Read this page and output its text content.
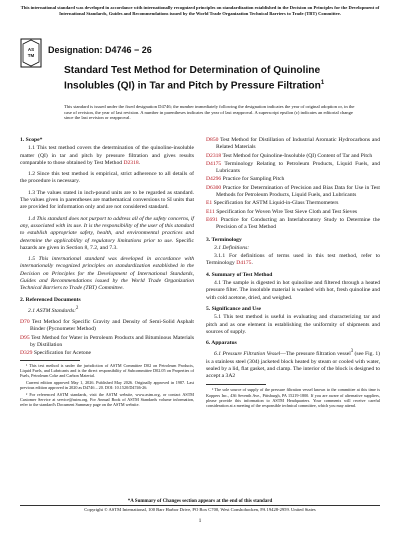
This international standard was developed in accordance with internationally recognized principles on standardization established in the Decision on Principles for the Development of International Standards, Guides and Recommendations issued by the World Trade Organization Technical Barriers to Trade (TBT) Committee.
AS
TM
Designation: D4746 − 26
Standard Test Method for Determination of Quinoline Insolubles (QI) in Tar and Pitch by Pressure Filtration$^1$
This standard is issued under the fixed designation D4746; the number immediately following the designation indicates the year of original adoption or, in the case of revision, the year of last revision. A number in parentheses indicates the year of last reapproval. A superscript epsilon (ε) indicates an editorial change since the last revision or reapproval.
1. Scope*
1.1 This test method covers the determination of the quinoline-insoluble matter (QI) in tar and pitch by pressure filtration and gives results comparable to those obtained by Test Method D2318.
1.2 Since this test method is empirical, strict adherence to all details of the procedure is necessary.
1.3 The values stated in inch-pound units are to be regarded as standard. The values given in parentheses are mathematical conversions to SI units that are provided for information only and are not considered standard.
1.4 This standard does not purport to address all of the safety concerns, if any, associated with its use. It is the responsibility of the user of this standard to establish appropriate safety, health, and environmental practices and determine the applicability of regulatory limitations prior to use. Specific hazards are given in Section 8, 7.2, and 7.3.
1.5 This international standard was developed in accordance with internationally recognized principles on standardization established in the Decision on Principles for the Development of International Standards, Guides and Recommendations issued by the World Trade Organization Technical Barriers to Trade (TBT) Committee.
2. Referenced Documents
2.1 ASTM Standards:$^2$
D70 Test Method for Specific Gravity and Density of Semi-Solid Asphalt Binder (Pycnometer Method)
D95 Test Method for Water in Petroleum Products and Bituminous Materials by Distillation
D329 Specification for Acetone
¹ This test method is under the jurisdiction of ASTM Committee D02 on Petroleum Products, Liquid Fuels, and Lubricants and is the direct responsibility of Subcommittee D02.05 on Properties of Fuels, Petroleum Coke and Carbon Material.
Current edition approved May 1, 2026. Published May 2026. Originally approved in 1987. Last previous edition approved in 2020 as D4746 – 20. DOI: 10.1520/D4746-26.
² For referenced ASTM standards, visit the ASTM website, www.astm.org, or contact ASTM Customer Service at service@astm.org. For Annual Book of ASTM Standards volume information, refer to the standard's Document Summary page on the ASTM website.
D850 Test Method for Distillation of Industrial Aromatic Hydrocarbons and Related Materials
D2318 Test Method for Quinoline-Insoluble (QI) Content of Tar and Pitch
D4175 Terminology Relating to Petroleum Products, Liquid Fuels, and Lubricants
D4296 Practice for Sampling Pitch
D6300 Practice for Determination of Precision and Bias Data for Use in Test Methods for Petroleum Products, Liquid Fuels, and Lubricants
E1 Specification for ASTM Liquid-in-Glass Thermometers
E11 Specification for Woven Wire Test Sieve Cloth and Test Sieves
E691 Practice for Conducting an Interlaboratory Study to Determine the Precision of a Test Method
3. Terminology
3.1 Definitions:
3.1.1 For definitions of terms used in this test method, refer to Terminology D4175.
4. Summary of Test Method
4.1 The sample is digested in hot quinoline and filtered through a heated pressure filter. The insoluble material is washed with hot, fresh quinoline and with cold acetone, dried, and weighed.
5. Significance and Use
5.1 This test method is useful in evaluating and characterizing tar and pitch and as one element in establishing the uniformity of shipments and sources of supply.
6. Apparatus
6.1 Pressure Filtration Vessel—The pressure filtration vessel$^3$ (see Fig. 1) is a stainless steel (304) jacketed block heated by steam or cooled with water, sealed by a lid, flat gasket, and clamp. The interior of the block is designed to accept a 3A2
³ The sole source of supply of the pressure filtration vessel known to the committee at this time is Koppers Inc., 436 Seventh Ave., Pittsburgh, PA 15219-1800. If you are aware of alternative suppliers, please provide this information to ASTM Headquarters. Your comments will receive careful consideration at a meeting of the responsible technical committee, which you may attend.
*A Summary of Changes section appears at the end of this standard
Copyright © ASTM International, 100 Barr Harbor Drive, PO Box C700, West Conshohocken, PA 19428-2959. United States
1
